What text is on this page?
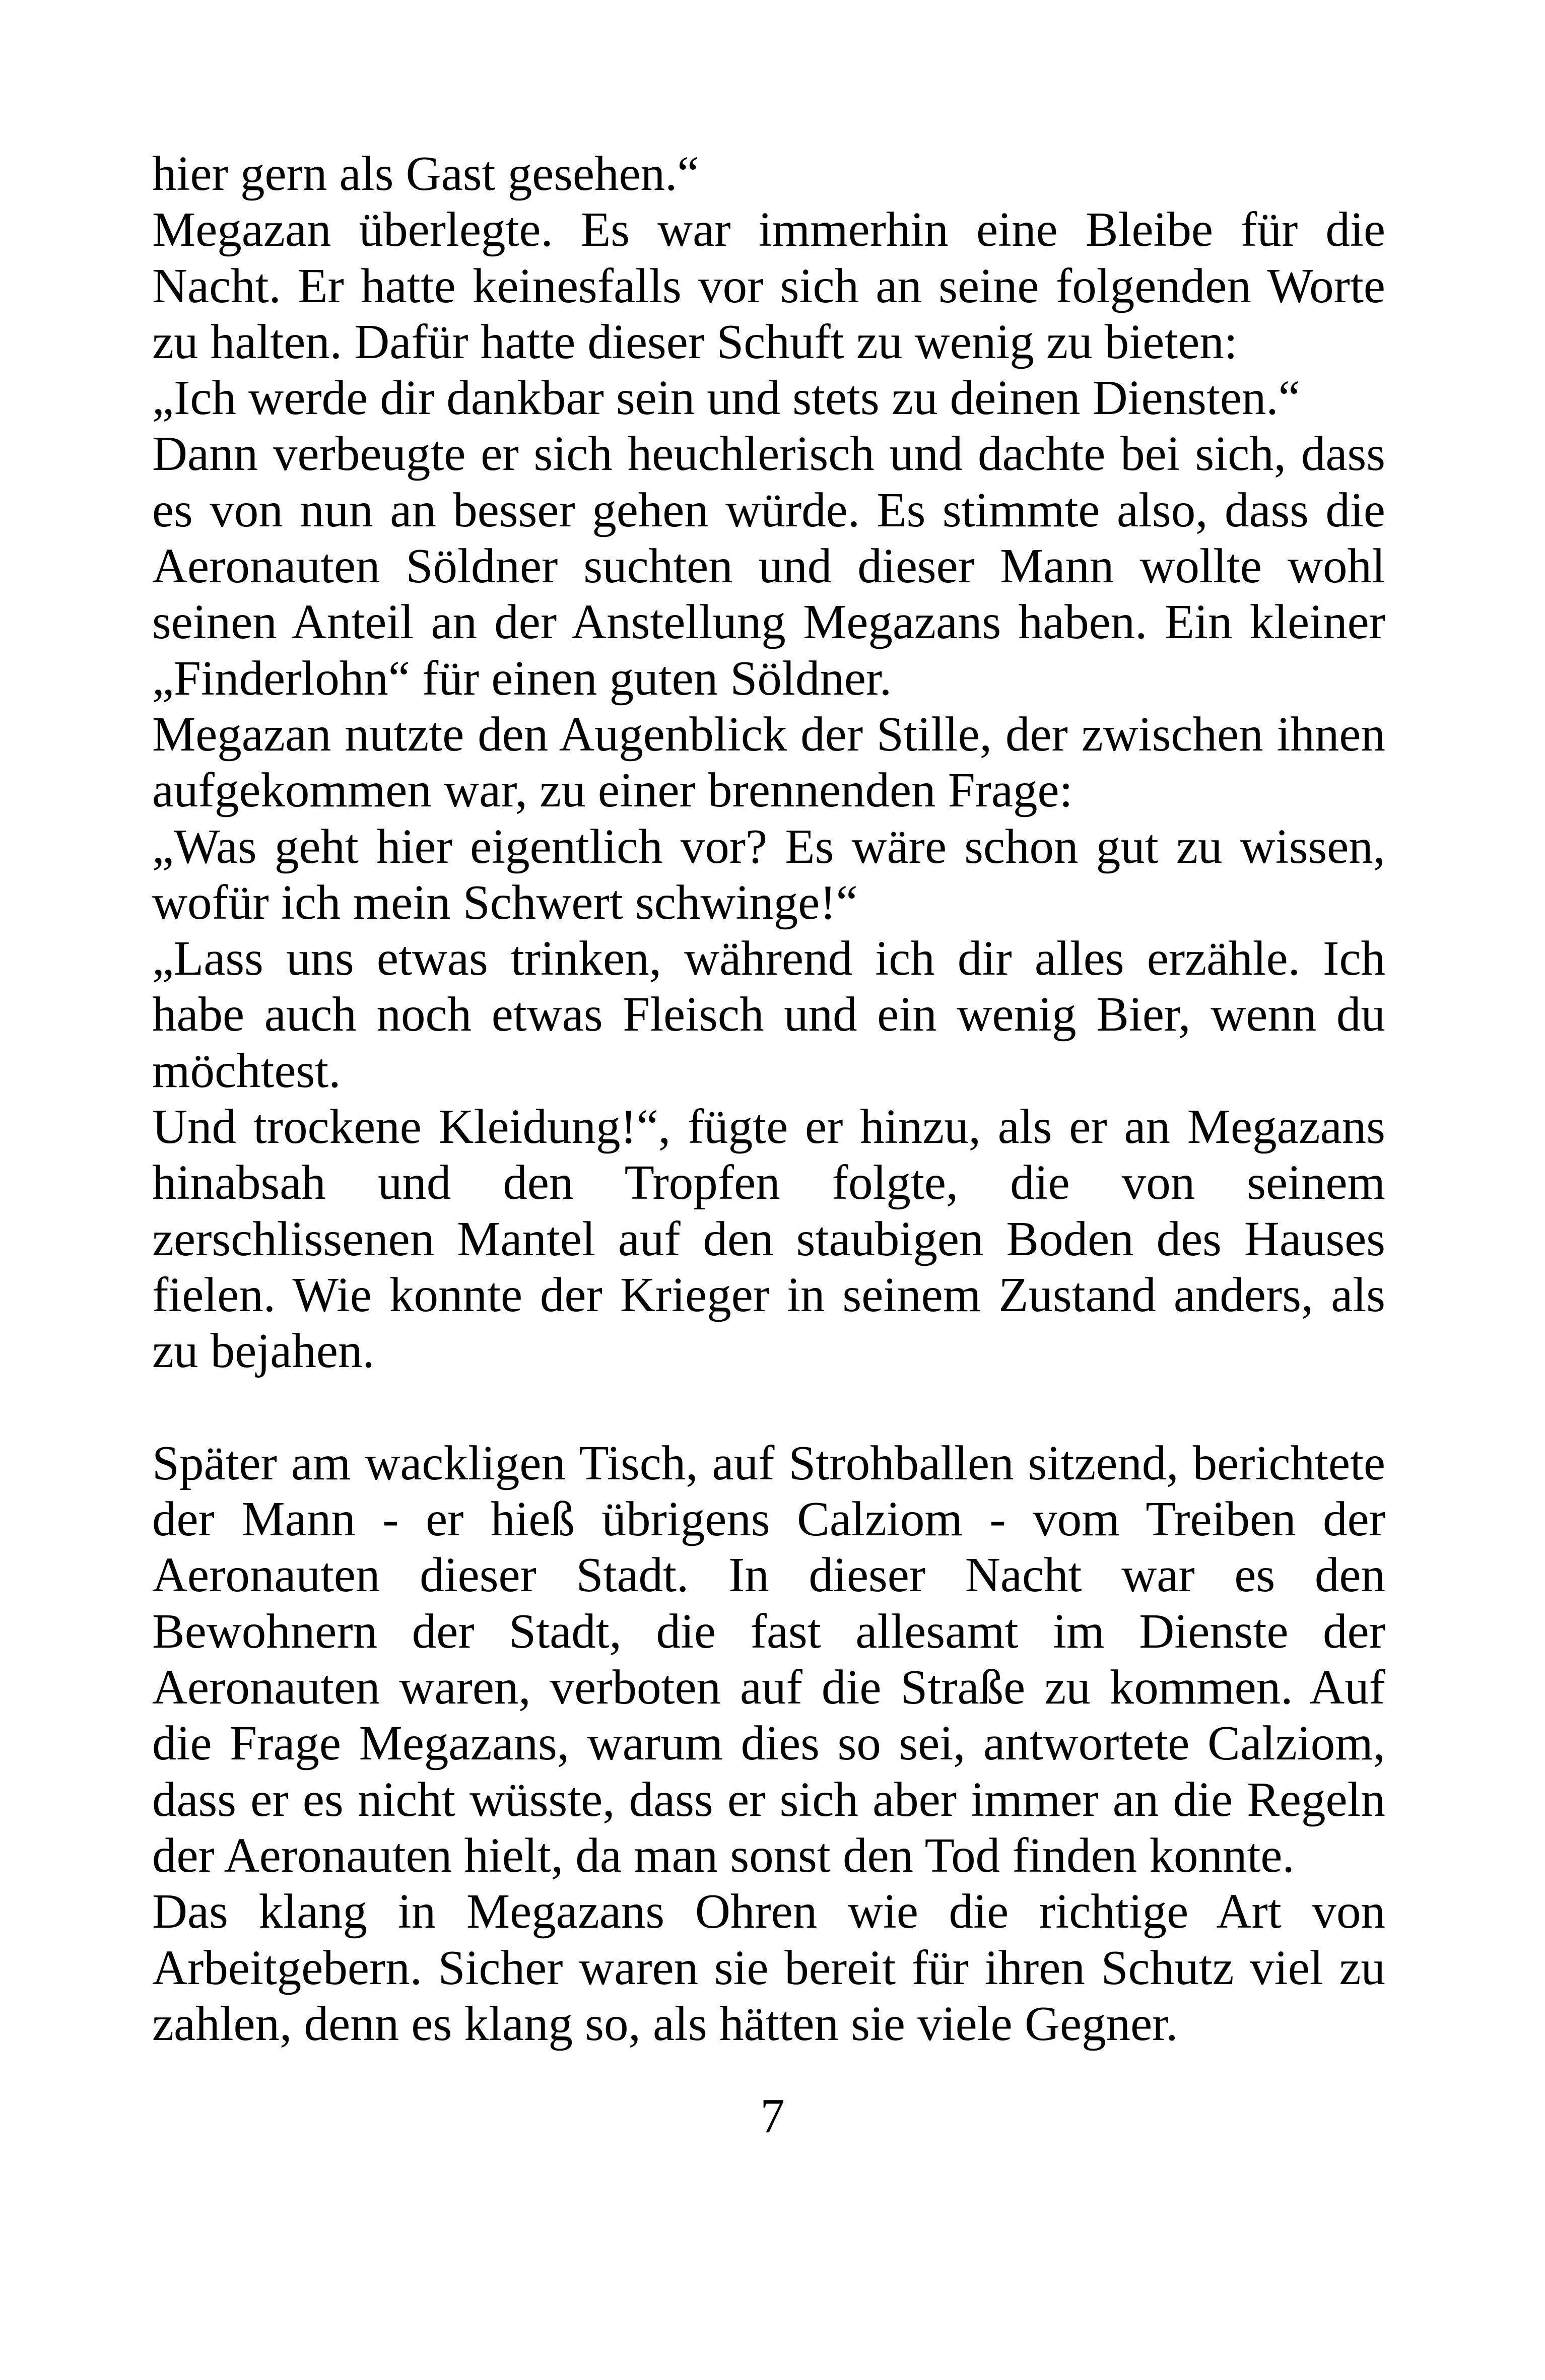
hier gern als Gast gesehen.“

Megazan überlegte. Es war immerhin eine Bleibe für die Nacht. Er hatte keinesfalls vor sich an seine folgenden Worte zu halten. Dafür hatte dieser Schuft zu wenig zu bieten:

„Ich werde dir dankbar sein und stets zu deinen Diensten.“

Dann verbeugte er sich heuchlerisch und dachte bei sich, dass es von nun an besser gehen würde. Es stimmte also, dass die Aeronauten Söldner suchten und dieser Mann wollte wohl seinen Anteil an der Anstellung Megazans haben. Ein kleiner „Finderlohn“ für einen guten Söldner.

Megazan nutzte den Augenblick der Stille, der zwischen ihnen aufgekommen war, zu einer brennenden Frage:

„Was geht hier eigentlich vor? Es wäre schon gut zu wissen, wofür ich mein Schwert schwinge!“

„Lass uns etwas trinken, während ich dir alles erzähle. Ich habe auch noch etwas Fleisch und ein wenig Bier, wenn du möchtest.

Und trockene Kleidung!“, fügte er hinzu, als er an Megazans hinabsah und den Tropfen folgte, die von seinem zerschlissenen Mantel auf den staubigen Boden des Hauses fielen. Wie konnte der Krieger in seinem Zustand anders, als zu bejahen.

Später am wackligen Tisch, auf Strohballen sitzend, berichtete der Mann - er hieß übrigens Calziom - vom Treiben der Aeronauten dieser Stadt. In dieser Nacht war es den Bewohnern der Stadt, die fast allesamt im Dienste der Aeronauten waren, verboten auf die Straße zu kommen. Auf die Frage Megazans, warum dies so sei, antwortete Calziom, dass er es nicht wüsste, dass er sich aber immer an die Regeln der Aeronauten hielt, da man sonst den Tod finden konnte.

Das klang in Megazans Ohren wie die richtige Art von Arbeitgebern. Sicher waren sie bereit für ihren Schutz viel zu zahlen, denn es klang so, als hätten sie viele Gegner.

7
